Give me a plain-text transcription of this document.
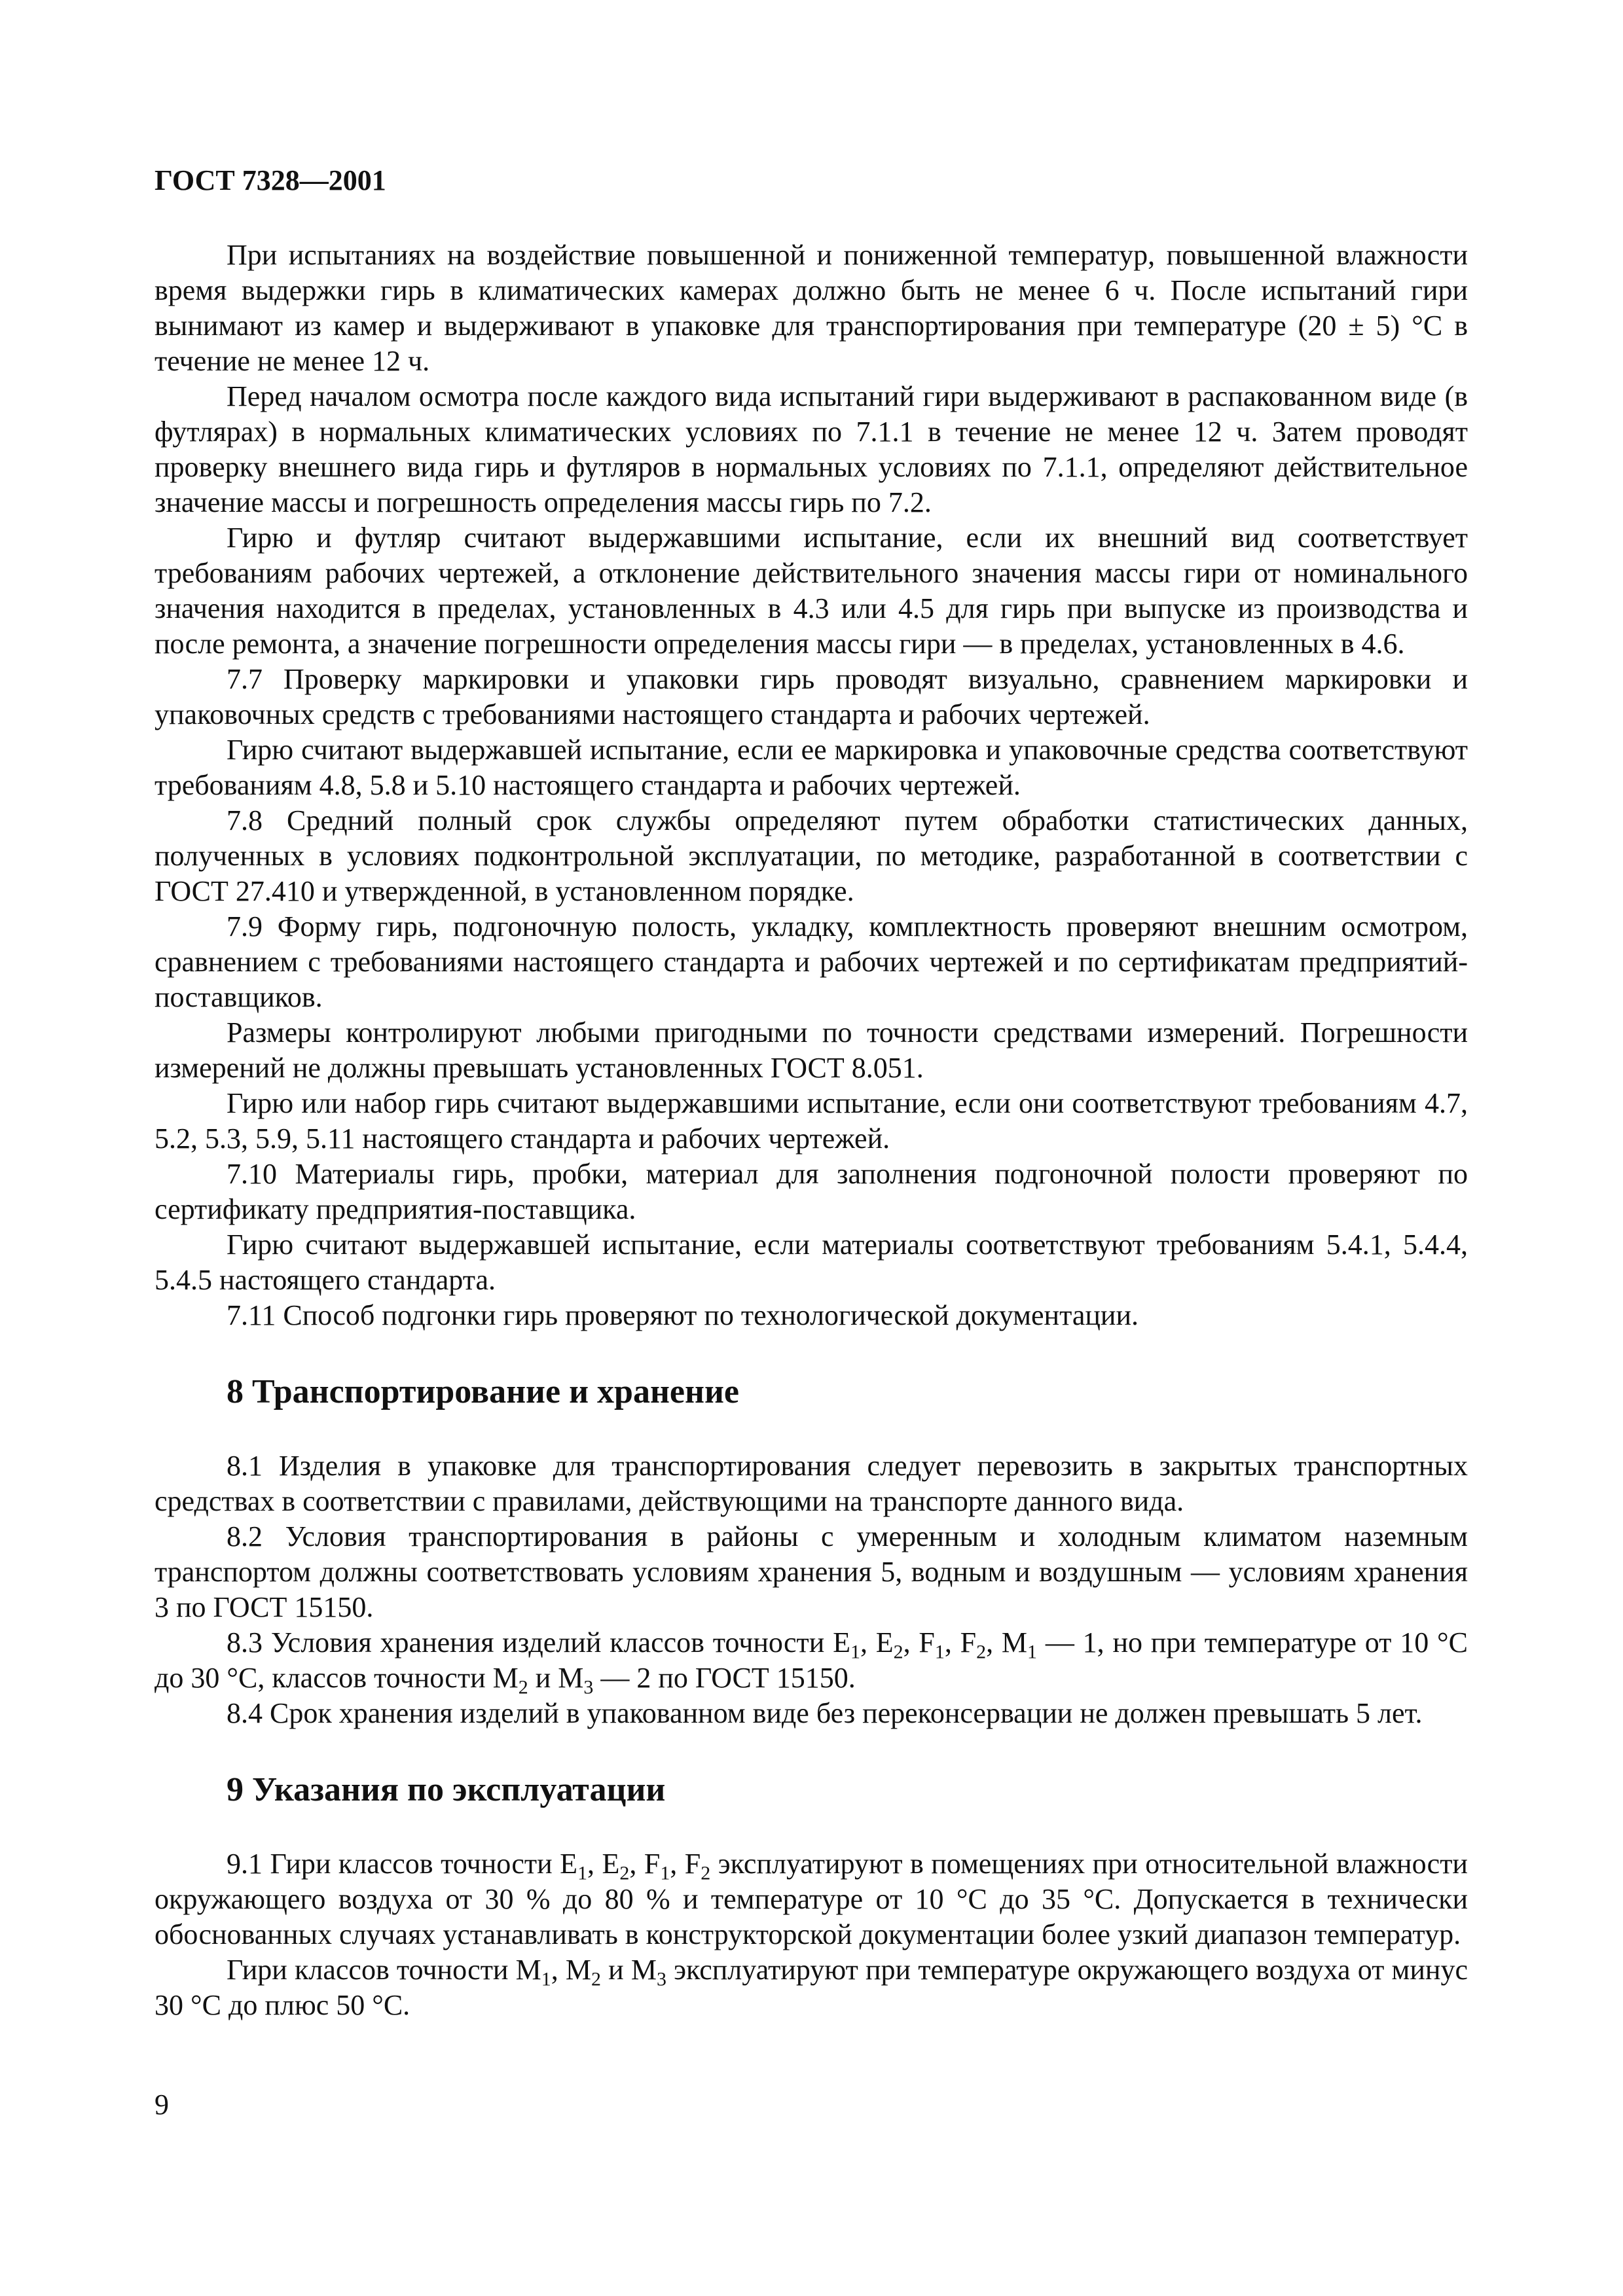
ГОСТ 7328—2001

При испытаниях на воздействие повышенной и пониженной температур, повышенной влажности время выдержки гирь в климатических камерах должно быть не менее 6 ч. После испытаний гири вынимают из камер и выдерживают в упаковке для транспортирования при температуре (20 ± 5) °С в течение не менее 12 ч.

Перед началом осмотра после каждого вида испытаний гири выдерживают в распакованном виде (в футлярах) в нормальных климатических условиях по 7.1.1 в течение не менее 12 ч. Затем проводят проверку внешнего вида гирь и футляров в нормальных условиях по 7.1.1, определяют действительное значение массы и погрешность определения массы гирь по 7.2.

Гирю и футляр считают выдержавшими испытание, если их внешний вид соответствует требованиям рабочих чертежей, а отклонение действительного значения массы гири от номинального значения находится в пределах, установленных в 4.3 или 4.5 для гирь при выпуске из производства и после ремонта, а значение погрешности определения массы гири — в пределах, установленных в 4.6.

7.7 Проверку маркировки и упаковки гирь проводят визуально, сравнением маркировки и упаковочных средств с требованиями настоящего стандарта и рабочих чертежей.

Гирю считают выдержавшей испытание, если ее маркировка и упаковочные средства соответствуют требованиям 4.8, 5.8 и 5.10 настоящего стандарта и рабочих чертежей.

7.8 Средний полный срок службы определяют путем обработки статистических данных, полученных в условиях подконтрольной эксплуатации, по методике, разработанной в соответствии с ГОСТ 27.410 и утвержденной, в установленном порядке.

7.9 Форму гирь, подгоночную полость, укладку, комплектность проверяют внешним осмотром, сравнением с требованиями настоящего стандарта и рабочих чертежей и по сертификатам предприятий-поставщиков.

Размеры контролируют любыми пригодными по точности средствами измерений. Погрешности измерений не должны превышать установленных ГОСТ 8.051.

Гирю или набор гирь считают выдержавшими испытание, если они соответствуют требованиям 4.7, 5.2, 5.3, 5.9, 5.11 настоящего стандарта и рабочих чертежей.

7.10 Материалы гирь, пробки, материал для заполнения подгоночной полости проверяют по сертификату предприятия-поставщика.

Гирю считают выдержавшей испытание, если материалы соответствуют требованиям 5.4.1, 5.4.4, 5.4.5 настоящего стандарта.

7.11 Способ подгонки гирь проверяют по технологической документации.

8 Транспортирование и хранение

8.1 Изделия в упаковке для транспортирования следует перевозить в закрытых транспортных средствах в соответствии с правилами, действующими на транспорте данного вида.

8.2 Условия транспортирования в районы с умеренным и холодным климатом наземным транспортом должны соответствовать условиям хранения 5, водным и воздушным — условиям хранения 3 по ГОСТ 15150.

8.3 Условия хранения изделий классов точности $Е_1$, $Е_2$, $F_1$, $F_2$, $M_1$ — 1, но при температуре от 10 °С до 30 °С, классов точности $М_2$ и $М_3$ — 2 по ГОСТ 15150.

8.4 Срок хранения изделий в упакованном виде без переконсервации не должен превышать 5 лет.

9 Указания по эксплуатации

9.1 Гири классов точности $Е_1$, $Е_2$, $F_1$, $F_2$ эксплуатируют в помещениях при относительной влажности окружающего воздуха от 30 % до 80 % и температуре от 10 °С до 35 °С. Допускается в технически обоснованных случаях устанавливать в конструкторской документации более узкий диапазон температур.

Гири классов точности $М_1$, $М_2$ и $М_3$ эксплуатируют при температуре окружающего воздуха от минус 30 °С до плюс 50 °С.

9
